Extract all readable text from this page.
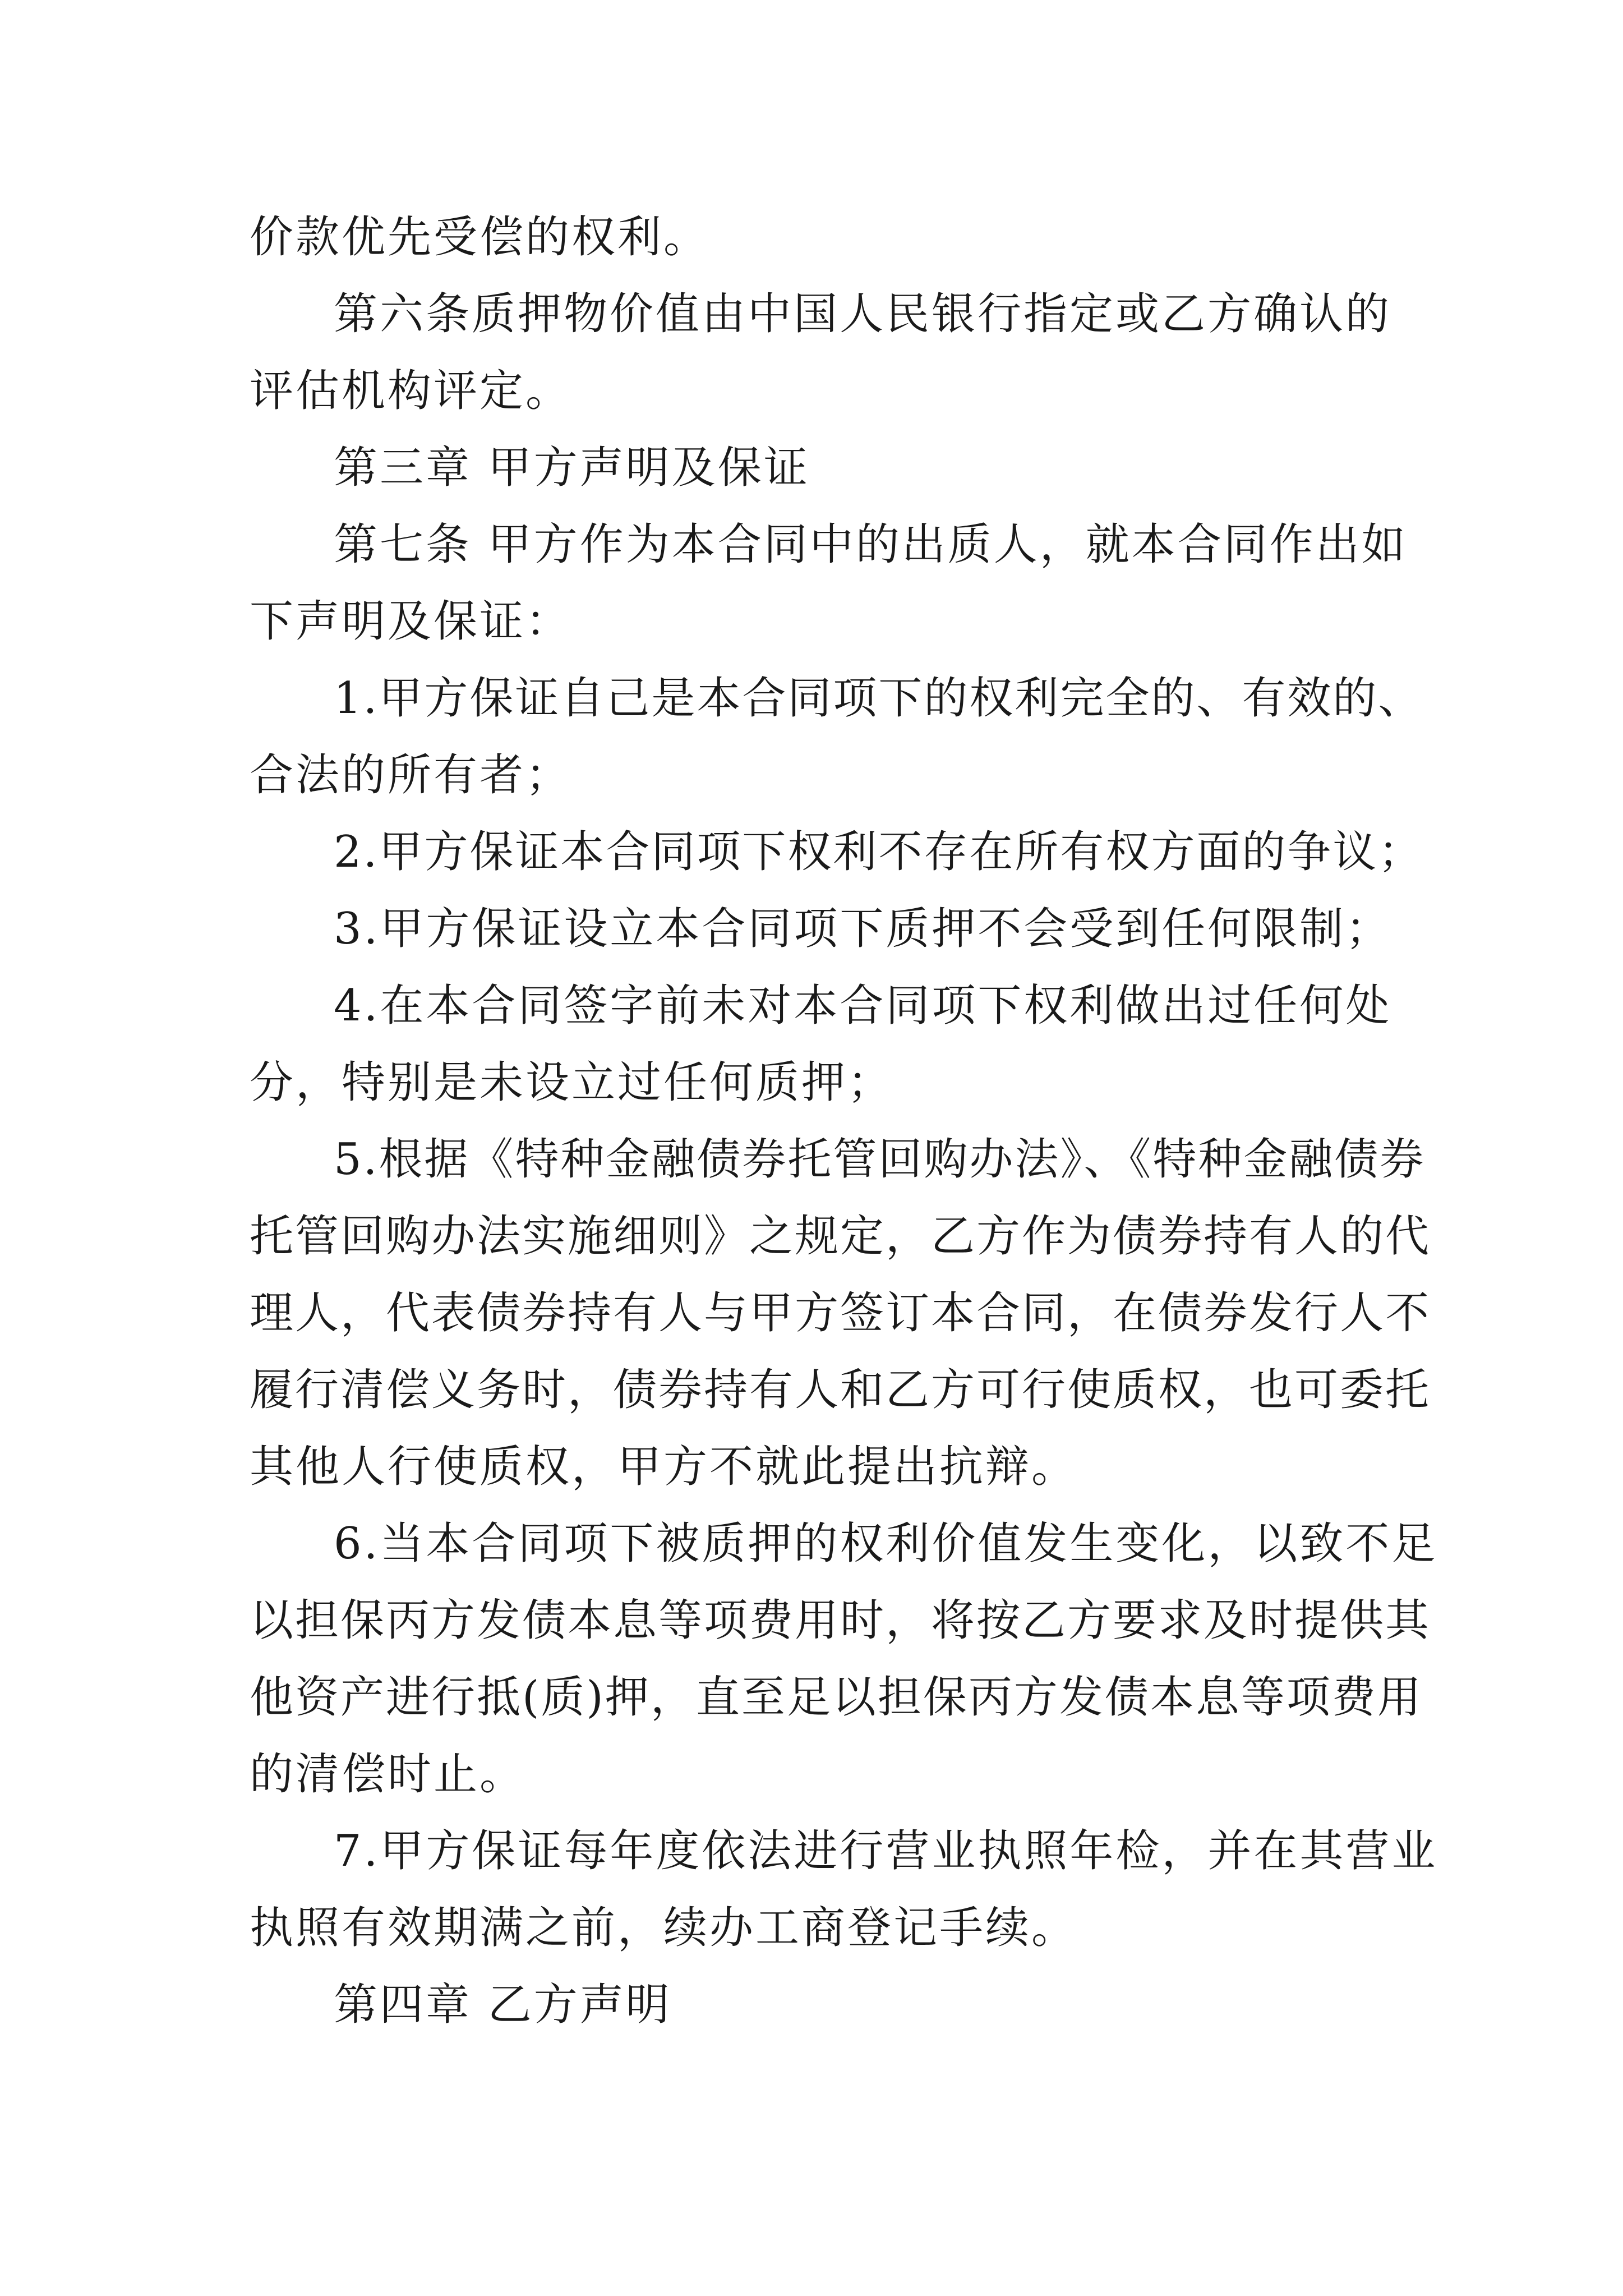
价款优先受偿的权利。
第六条质押物价值由中国人民银行指定或乙方确认的
评估机构评定。
第三章 甲方声明及保证
第七条 甲方作为本合同中的出质人，就本合同作出如
下声明及保证：
1.甲方保证自己是本合同项下的权利完全的、有效的、
合法的所有者；
2.甲方保证本合同项下权利不存在所有权方面的争议；
3.甲方保证设立本合同项下质押不会受到任何限制；
4.在本合同签字前未对本合同项下权利做出过任何处
分，特别是未设立过任何质押；
5.根据《特种金融债券托管回购办法》、《特种金融债券
托管回购办法实施细则》之规定，乙方作为债券持有人的代
理人，代表债券持有人与甲方签订本合同，在债券发行人不
履行清偿义务时，债券持有人和乙方可行使质权，也可委托
其他人行使质权，甲方不就此提出抗辩。
6.当本合同项下被质押的权利价值发生变化，以致不足
以担保丙方发债本息等项费用时，将按乙方要求及时提供其
他资产进行抵(质)押，直至足以担保丙方发债本息等项费用
的清偿时止。
7.甲方保证每年度依法进行营业执照年检，并在其营业
执照有效期满之前，续办工商登记手续。
第四章 乙方声明
